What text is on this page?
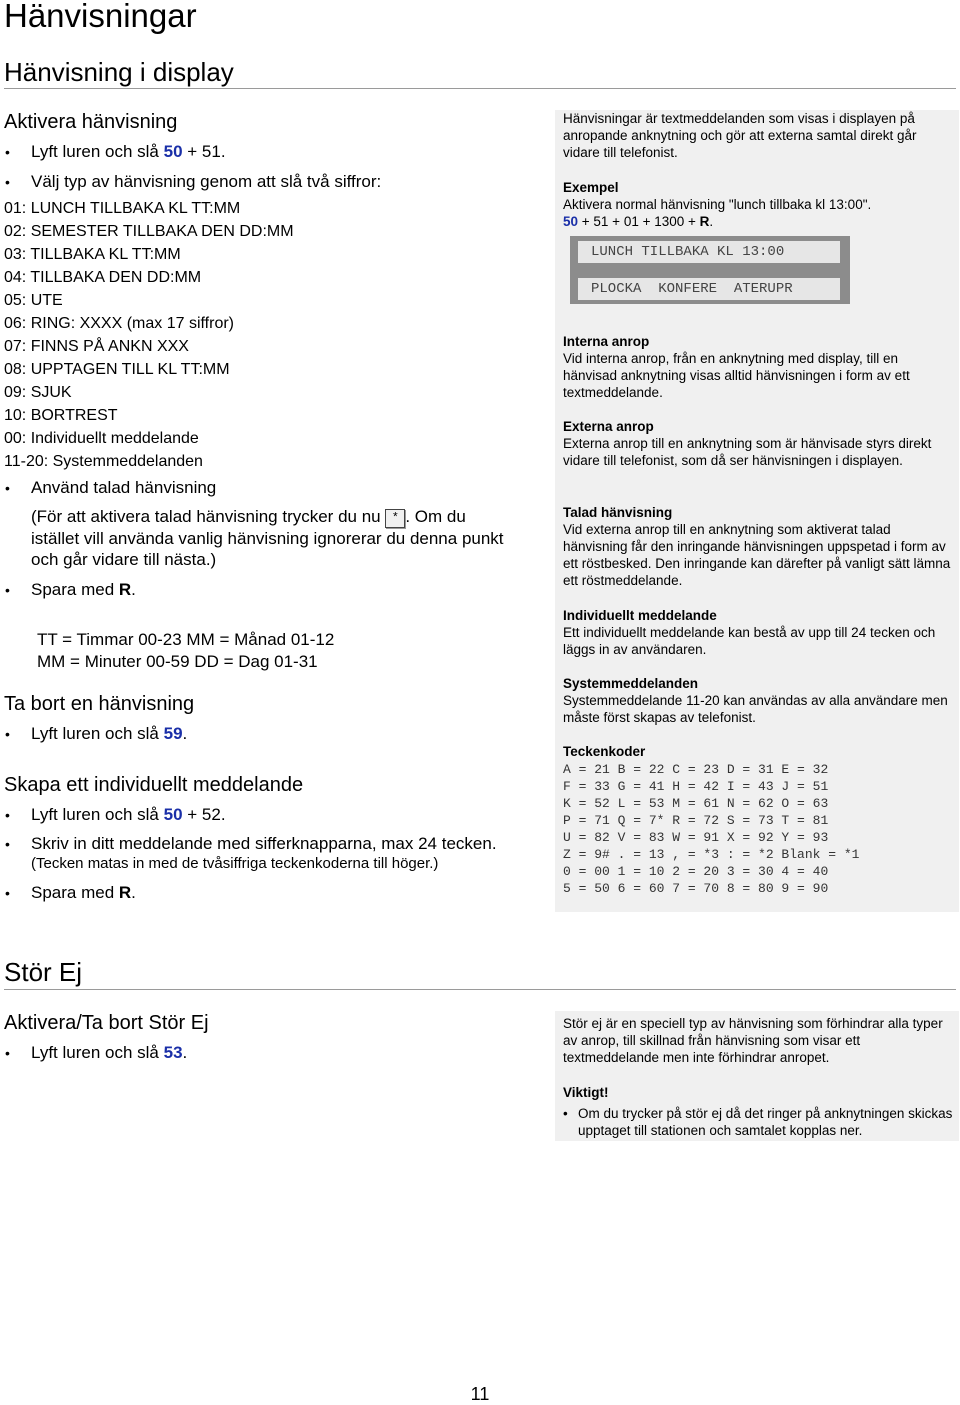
Hänvisningar
Hänvisning i display
Aktivera hänvisning
• Lyft luren och slå 50 + 51.
• Välj typ av hänvisning genom att slå två siffror:
01: LUNCH TILLBAKA KL TT:MM
02: SEMESTER TILLBAKA DEN DD:MM
03: TILLBAKA KL TT:MM
04: TILLBAKA DEN DD:MM
05: UTE
06: RING: XXXX (max 17 siffror)
07: FINNS PÅ ANKN XXX
08: UPPTAGEN TILL KL TT:MM
09: SJUK
10: BORTREST
00: Individuellt meddelande
11-20: Systemmeddelanden
• Använd talad hänvisning
(För att aktivera talad hänvisning trycker du nu * . Om du
istället vill använda vanlig hänvisning ignorerar du denna punkt
och går vidare till nästa.)
• Spara med R.
TT = Timmar 00-23 MM = Månad 01-12
MM = Minuter 00-59 DD = Dag 01-31
Ta bort en hänvisning
• Lyft luren och slå 59.
Skapa ett individuellt meddelande
• Lyft luren och slå 50 + 52.
• Skriv in ditt meddelande med sifferknapparna, max 24 tecken.
(Tecken matas in med de tvåsiffriga teckenkoderna till höger.)
• Spara med R.
Hänvisningar är textmeddelanden som visas i displayen på anropande anknytning och gör att externa samtal direkt går vidare till telefonist.
Exempel
Aktivera normal hänvisning "lunch tillbaka kl 13:00".
50 + 51 + 01 + 1300 + R.
Interna anrop
Vid interna anrop, från en anknytning med display, till en hänvisad anknytning visas alltid hänvisningen i form av ett textmeddelande.
Externa anrop
Externa anrop till en anknytning som är hänvisade styrs direkt vidare till telefonist, som då ser hänvisningen i displayen.
Talad hänvisning
Vid externa anrop till en anknytning som aktiverat talad hänvisning får den inringande hänvisningen uppspetad i form av ett röstbesked. Den inringande kan därefter på vanligt sätt lämna ett röstmeddelande.
Individuellt meddelande
Ett individuellt meddelande kan bestå av upp till 24 tecken och läggs in av användaren.
Systemmeddelanden
Systemmeddelande 11-20 kan användas av alla användare men måste först skapas av telefonist.
Teckenkoder
A = 21 B = 22 C = 23 D = 31 E = 32
F = 33 G = 41 H = 42 I = 43 J = 51
K = 52 L = 53 M = 61 N = 62 O = 63
P = 71 Q = 7* R = 72 S = 73 T = 81
U = 82 V = 83 W = 91 X = 92 Y = 93
Z = 9# . = 13 , = *3 : = *2 Blank = *1
0 = 00 1 = 10 2 = 20 3 = 30 4 = 40
5 = 50 6 = 60 7 = 70 8 = 80 9 = 90
LUNCH TILLBAKA KL 13:00
PLOCKA  KONFERE  ATERUPR
Stör Ej
Aktivera/Ta bort Stör Ej
• Lyft luren och slå 53.
Stör ej är en speciell typ av hänvisning som förhindrar alla typer av anrop, till skillnad från hänvisning som visar ett textmeddelande men inte förhindrar anropet.
Viktigt!
• Om du trycker på stör ej då det ringer på anknytningen skickas upptaget till stationen och samtalet kopplas ner.
11
